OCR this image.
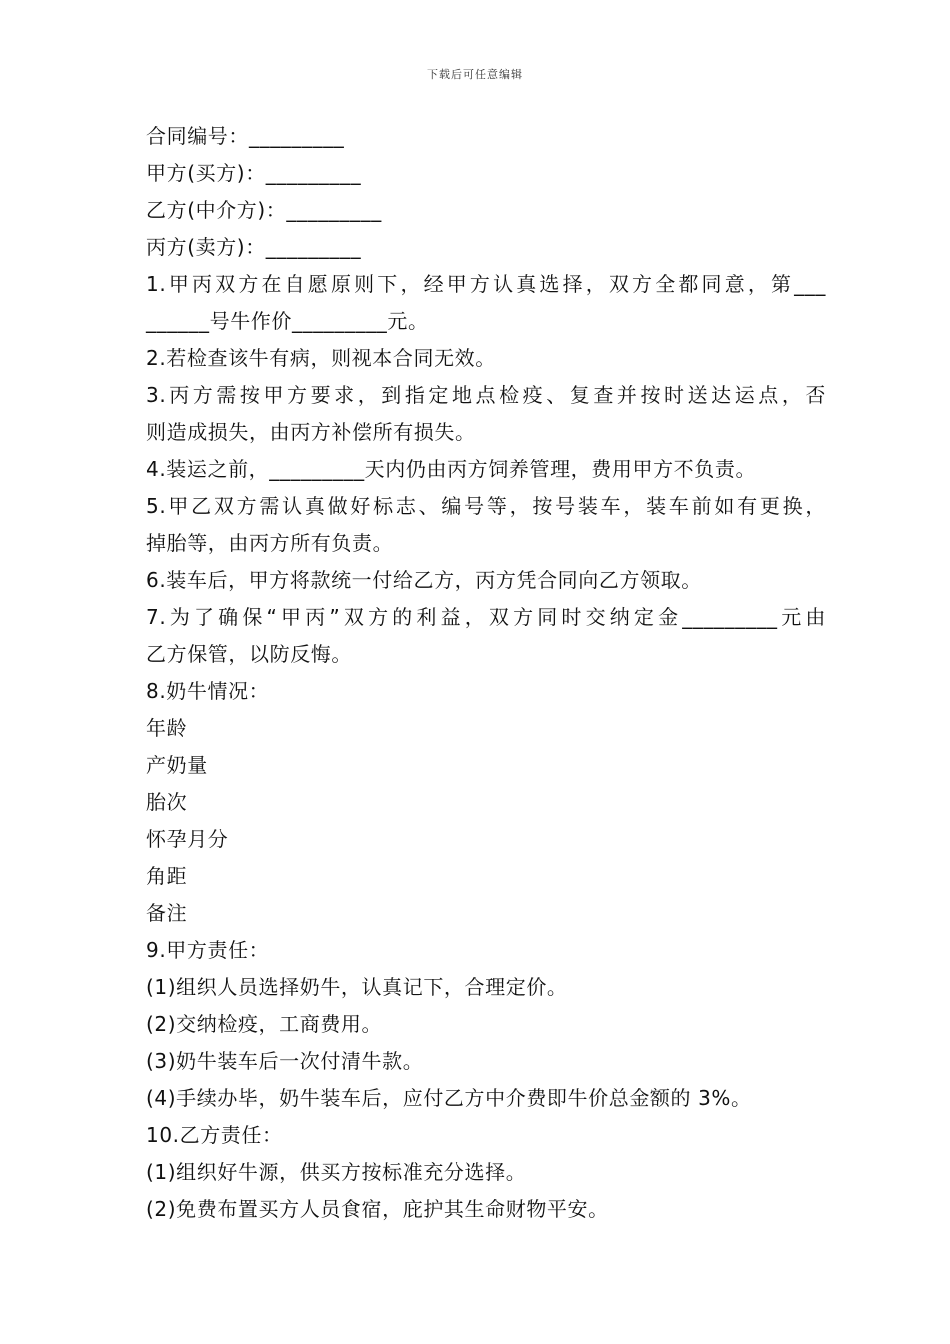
下载后可任意编辑
合同编号：_________
甲方(买方)：_________
乙方(中介方)：_________
丙方(卖方)：_________
1.甲丙双方在自愿原则下，经甲方认真选择，双方全都同意，第___
______号牛作价_________元。
2.若检查该牛有病，则视本合同无效。
3.丙方需按甲方要求，到指定地点检疫、复查并按时送达运点，否
则造成损失，由丙方补偿所有损失。
4.装运之前，_________天内仍由丙方饲养管理，费用甲方不负责。
5.甲乙双方需认真做好标志、编号等，按号装车，装车前如有更换，
掉胎等，由丙方所有负责。
6.装车后，甲方将款统一付给乙方，丙方凭合同向乙方领取。
7.为了确保“甲丙”双方的利益，双方同时交纳定金_________元由
乙方保管，以防反悔。
8.奶牛情况：
年龄
产奶量
胎次
怀孕月分
角距
备注
9.甲方责任：
(1)组织人员选择奶牛，认真记下，合理定价。
(2)交纳检疫，工商费用。
(3)奶牛装车后一次付清牛款。
(4)手续办毕，奶牛装车后，应付乙方中介费即牛价总金额的 3%。
10.乙方责任：
(1)组织好牛源，供买方按标准充分选择。
(2)免费布置买方人员食宿，庇护其生命财物平安。
